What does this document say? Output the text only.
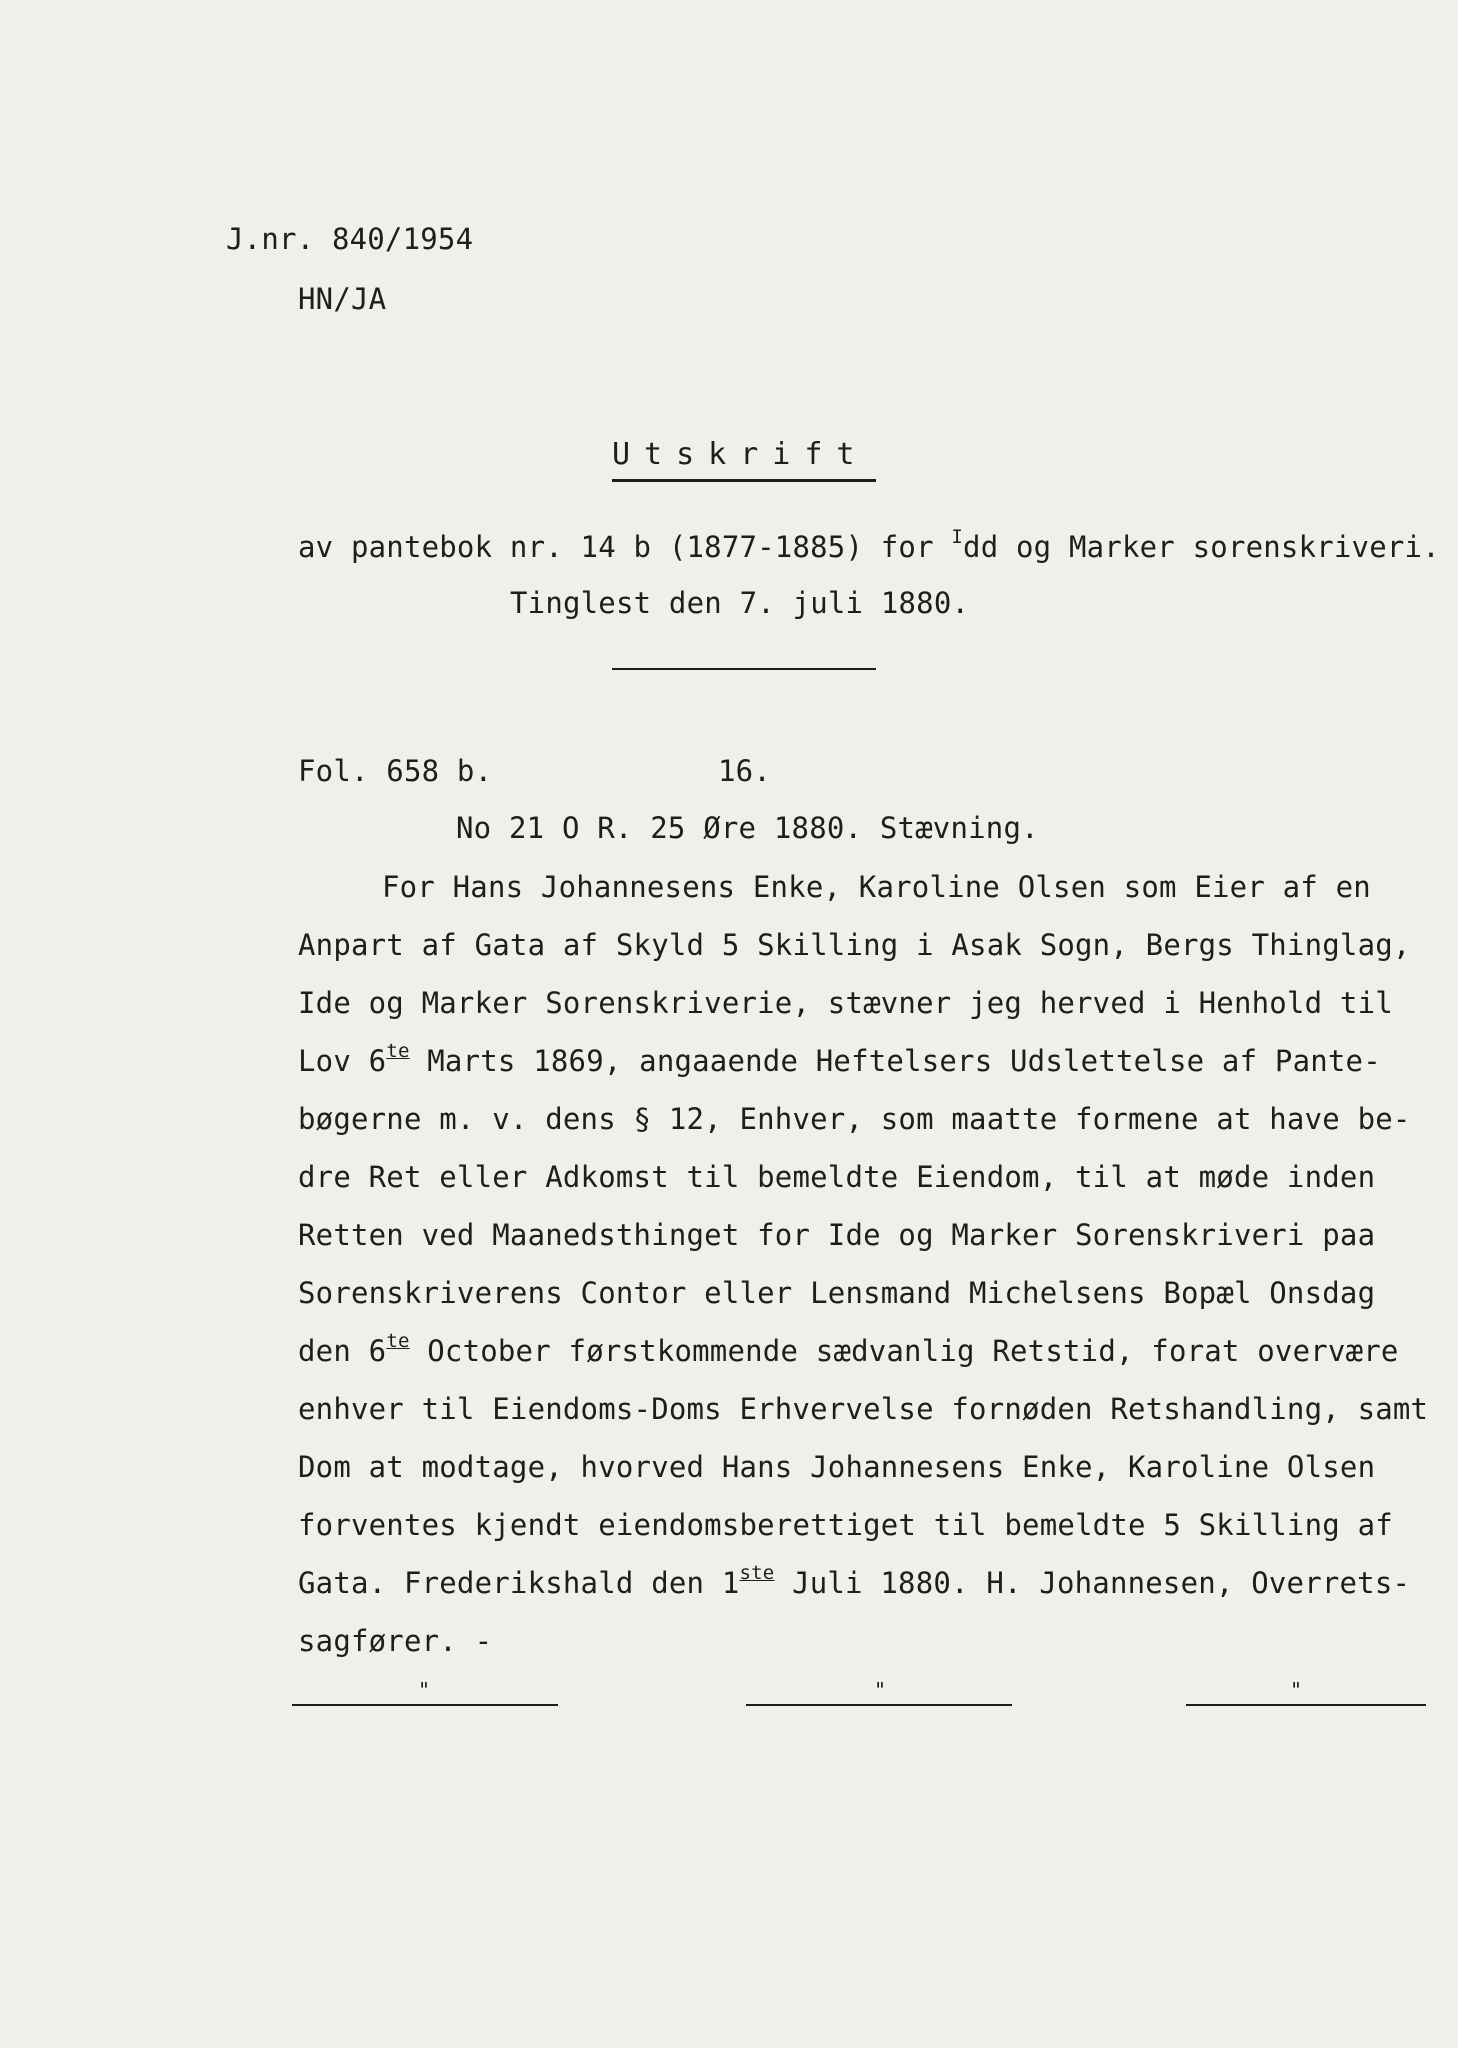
J.nr. 840/1954
HN/JA
Utskrift
av pantebok nr. 14 b (1877-1885) for $^I$dd og Marker sorenskriveri.
Tinglest den 7. juli 1880.
Fol. 658 b.	16.
No 21 O R. 25 Øre 1880. Stævning.
For Hans Johannesens Enke, Karoline Olsen som Eier af en
Anpart af Gata af Skyld 5 Skilling i Asak Sogn, Bergs Thinglag,
Ide og Marker Sorenskriverie, stævner jeg herved i Henhold til
Lov $6^{te}$ Marts 1869, angaaende Heftelsers Udslettelse af Pante-
bøgerne m. v. dens § 12, Enhver, som maatte formene at have be-
dre Ret eller Adkomst til bemeldte Eiendom, til at møde inden
Retten ved Maanedsthinget for Ide og Marker Sorenskriveri paa
Sorenskriverens Contor eller Lensmand Michelsens Bopæl Onsdag
den $6^{te}$ October førstkommende sædvanlig Retstid, forat overvære
enhver til Eiendoms-Doms Erhvervelse fornøden Retshandling, samt
Dom at modtage, hvorved Hans Johannesens Enke, Karoline Olsen
forventes kjendt eiendomsberettiget til bemeldte 5 Skilling af
Gata. Frederikshald den 1ste Juli 1880. H. Johannesen, Overrets-
sagfører. -
"	"	"
